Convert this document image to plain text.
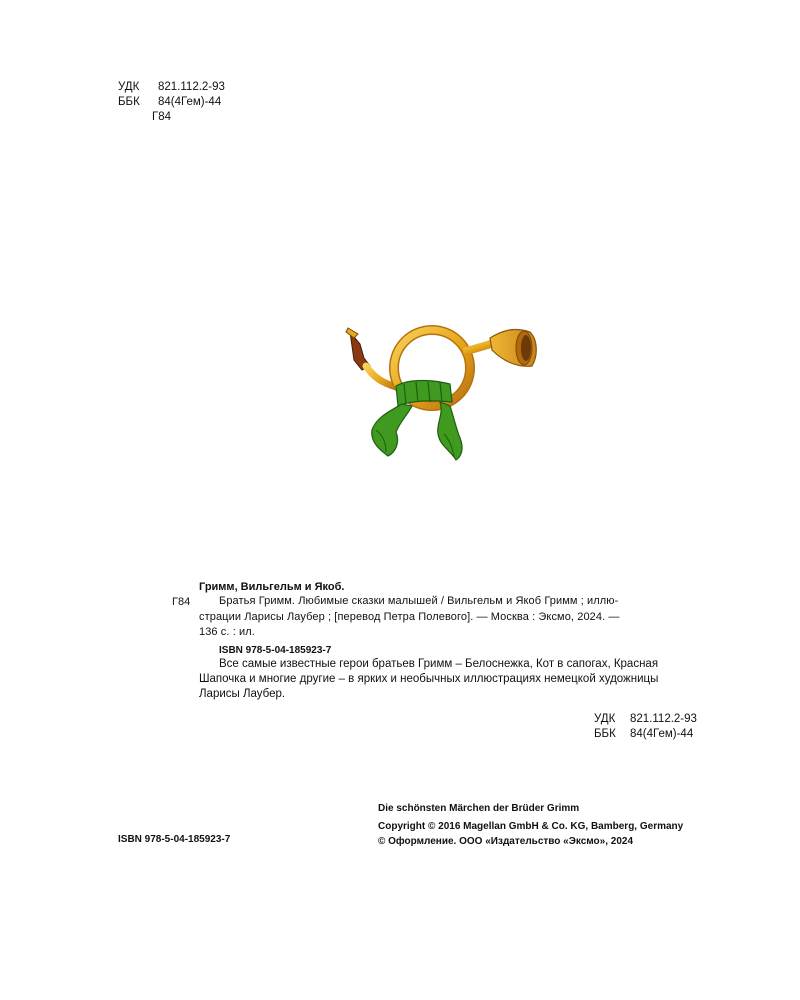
УДК 821.112.2-93
ББК 84(4Гем)-44
Г84
Гримм, Вильгельм и Якоб.
Г84	Братья Гримм. Любимые сказки малышей / Вильгельм и Якоб Гримм ; иллю-
страции Ларисы Лаубер ; [перевод Петра Полевого]. — Москва : Эксмо, 2024. —
136 с. : ил.
ISBN 978-5-04-185923-7
Все самые известные герои братьев Гримм – Белоснежка, Кот в сапогах, Красная
Шапочка и многие другие – в ярких и необычных иллюстрациях немецкой художницы
Ларисы Лаубер.
УДК 821.112.2-93
ББК 84(4Гем)-44
Die schönsten Märchen der Brüder Grimm
Copyright © 2016 Magellan GmbH & Co. KG, Bamberg, Germany
© Оформление. ООО «Издательство «Эксмо», 2024
ISBN 978-5-04-185923-7
